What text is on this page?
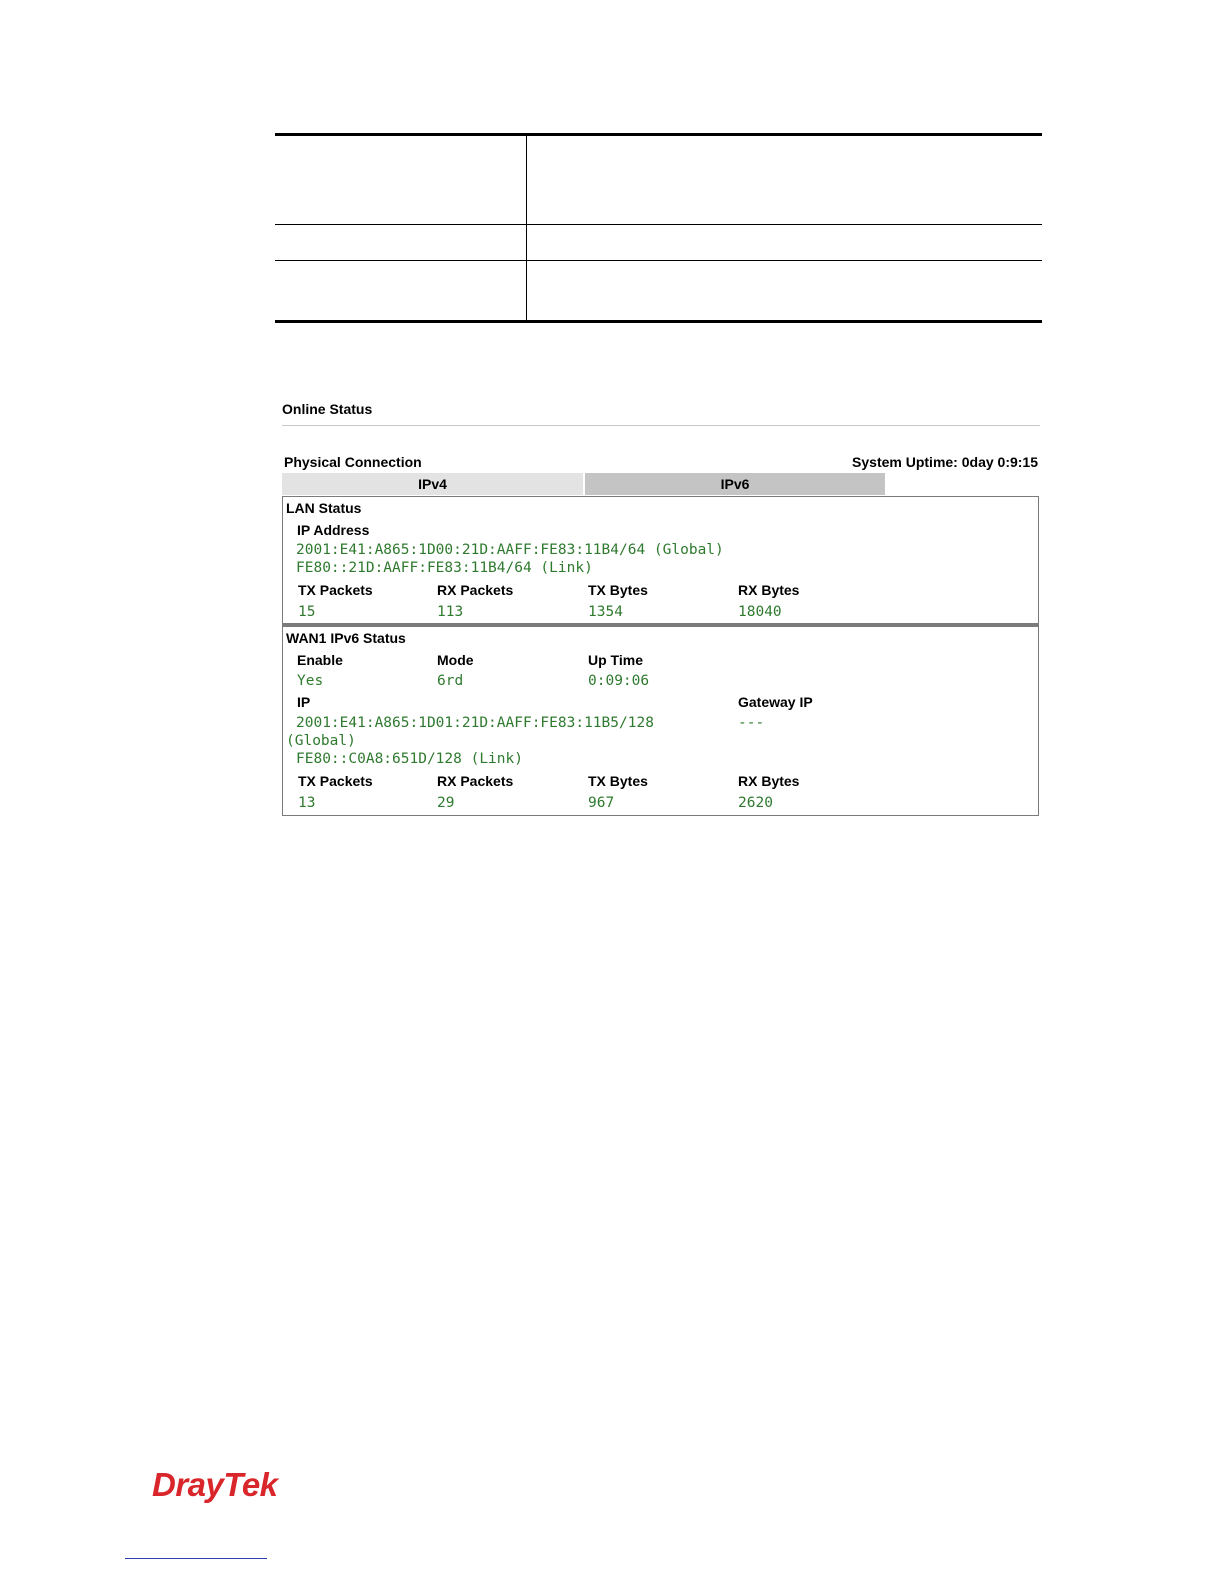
Online Status
Physical Connection	System Uptime: 0day 0:9:15
IPv4	IPv6
LAN Status
IP Address
2001:E41:A865:1D00:21D:AAFF:FE83:11B4/64 (Global)
FE80::21D:AAFF:FE83:11B4/64 (Link)
TX Packets	RX Packets	TX Bytes	RX Bytes
15	113	1354	18040
WAN1 IPv6 Status
Enable	Mode	Up Time
Yes	6rd	0:09:06
IP	Gateway IP
2001:E41:A865:1D01:21D:AAFF:FE83:11B5/128	---
(Global)
FE80::C0A8:651D/128 (Link)
TX Packets	RX Packets	TX Bytes	RX Bytes
13	29	967	2620
DrayTek
